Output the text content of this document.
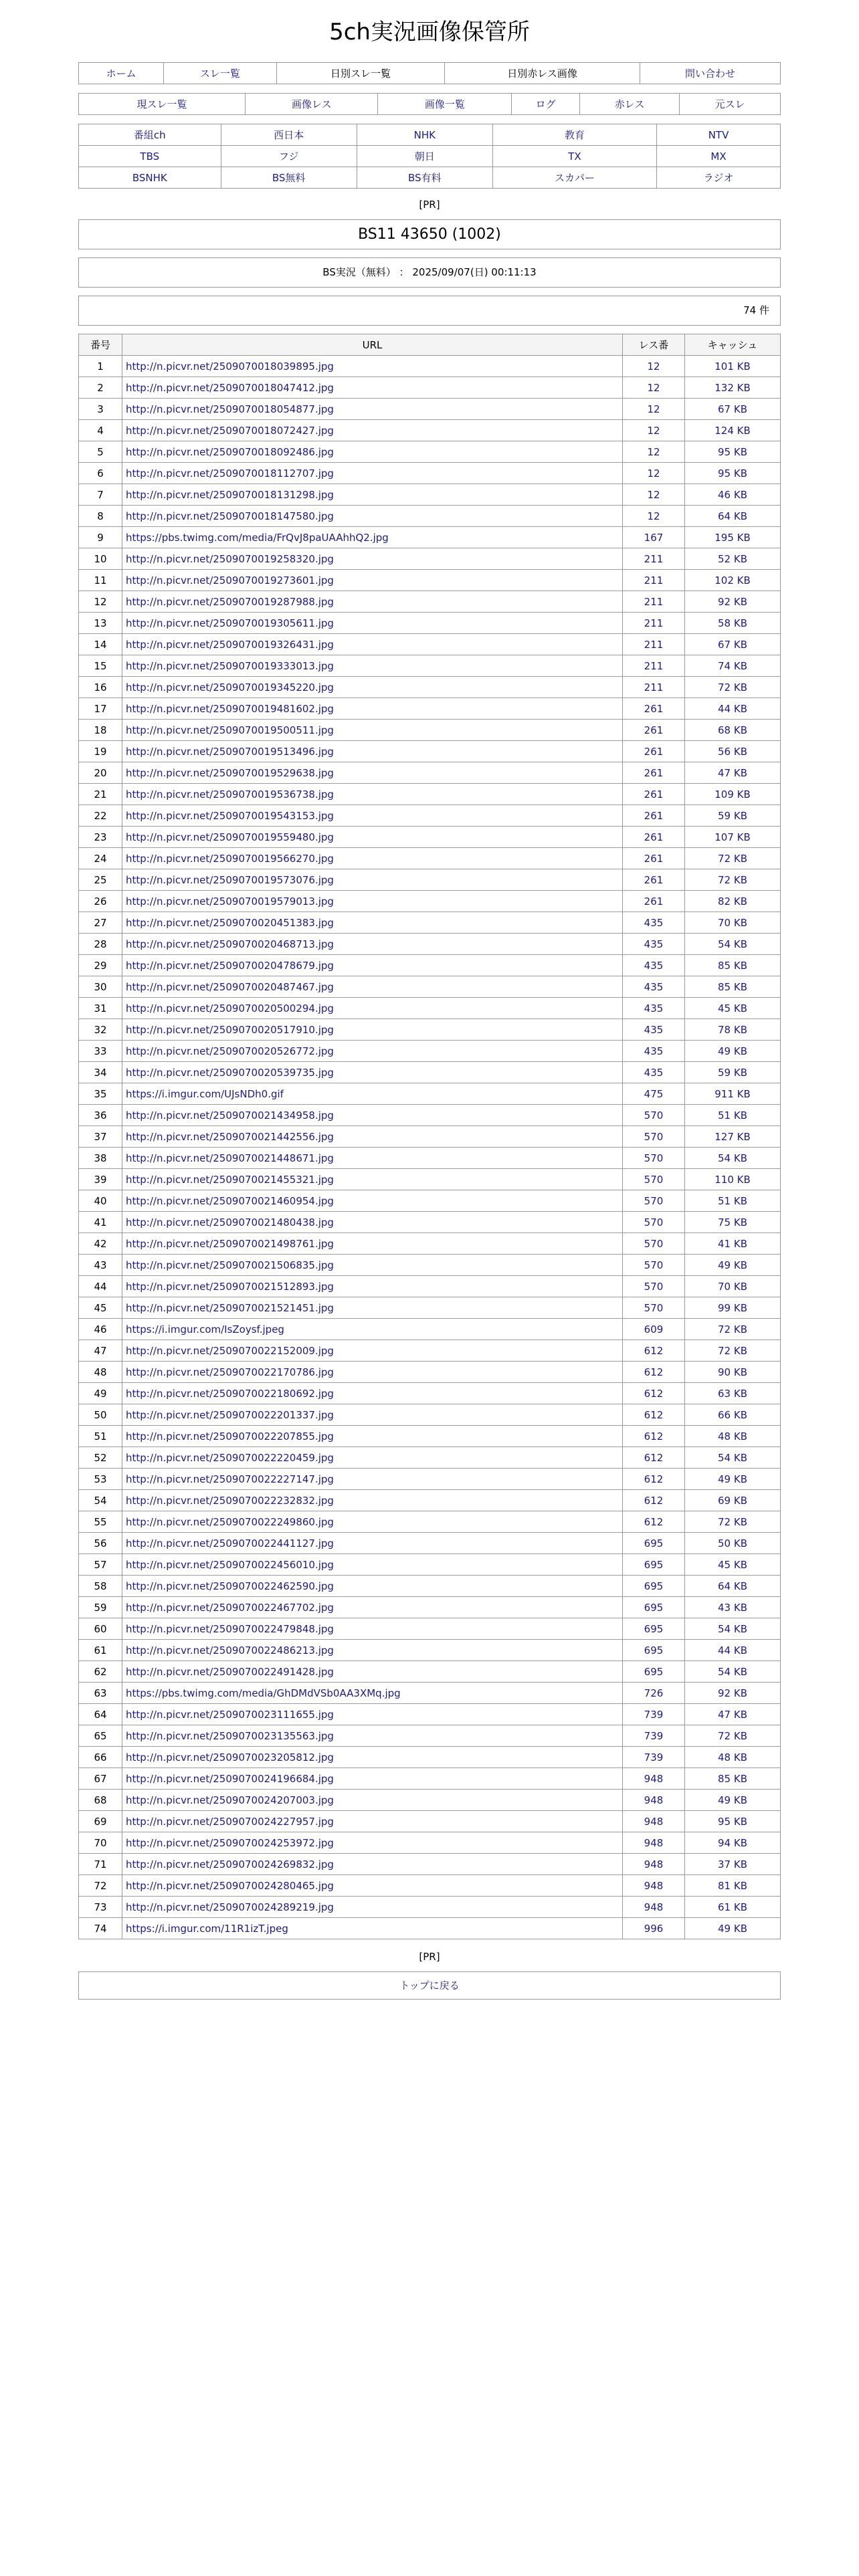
5ch実況画像保管所
ホーム	スレ一覧	日別スレ一覧	日別赤レス画像	問い合わせ
現スレ一覧	画像レス	画像一覧	ログ	赤レス	元スレ
番組ch	西日本	NHK	教育	NTV
TBS	フジ	朝日	TX	MX
BSNHK	BS無料	BS有料	スカパー	ラジオ
[PR]
BS11 43650 (1002)
BS実況（無料） ： 2025/09/07(日) 00:11:13
74 件
番号	URL	レス番	キャッシュ
1	http://n.picvr.net/2509070018039895.jpg	12	101 KB
2	http://n.picvr.net/2509070018047412.jpg	12	132 KB
3	http://n.picvr.net/2509070018054877.jpg	12	67 KB
4	http://n.picvr.net/2509070018072427.jpg	12	124 KB
5	http://n.picvr.net/2509070018092486.jpg	12	95 KB
6	http://n.picvr.net/2509070018112707.jpg	12	95 KB
7	http://n.picvr.net/2509070018131298.jpg	12	46 KB
8	http://n.picvr.net/2509070018147580.jpg	12	64 KB
9	https://pbs.twimg.com/media/FrQvJ8paUAAhhQ2.jpg	167	195 KB
10	http://n.picvr.net/2509070019258320.jpg	211	52 KB
11	http://n.picvr.net/2509070019273601.jpg	211	102 KB
12	http://n.picvr.net/2509070019287988.jpg	211	92 KB
13	http://n.picvr.net/2509070019305611.jpg	211	58 KB
14	http://n.picvr.net/2509070019326431.jpg	211	67 KB
15	http://n.picvr.net/2509070019333013.jpg	211	74 KB
16	http://n.picvr.net/2509070019345220.jpg	211	72 KB
17	http://n.picvr.net/2509070019481602.jpg	261	44 KB
18	http://n.picvr.net/2509070019500511.jpg	261	68 KB
19	http://n.picvr.net/2509070019513496.jpg	261	56 KB
20	http://n.picvr.net/2509070019529638.jpg	261	47 KB
21	http://n.picvr.net/2509070019536738.jpg	261	109 KB
22	http://n.picvr.net/2509070019543153.jpg	261	59 KB
23	http://n.picvr.net/2509070019559480.jpg	261	107 KB
24	http://n.picvr.net/2509070019566270.jpg	261	72 KB
25	http://n.picvr.net/2509070019573076.jpg	261	72 KB
26	http://n.picvr.net/2509070019579013.jpg	261	82 KB
27	http://n.picvr.net/2509070020451383.jpg	435	70 KB
28	http://n.picvr.net/2509070020468713.jpg	435	54 KB
29	http://n.picvr.net/2509070020478679.jpg	435	85 KB
30	http://n.picvr.net/2509070020487467.jpg	435	85 KB
31	http://n.picvr.net/2509070020500294.jpg	435	45 KB
32	http://n.picvr.net/2509070020517910.jpg	435	78 KB
33	http://n.picvr.net/2509070020526772.jpg	435	49 KB
34	http://n.picvr.net/2509070020539735.jpg	435	59 KB
35	https://i.imgur.com/UJsNDh0.gif	475	911 KB
36	http://n.picvr.net/2509070021434958.jpg	570	51 KB
37	http://n.picvr.net/2509070021442556.jpg	570	127 KB
38	http://n.picvr.net/2509070021448671.jpg	570	54 KB
39	http://n.picvr.net/2509070021455321.jpg	570	110 KB
40	http://n.picvr.net/2509070021460954.jpg	570	51 KB
41	http://n.picvr.net/2509070021480438.jpg	570	75 KB
42	http://n.picvr.net/2509070021498761.jpg	570	41 KB
43	http://n.picvr.net/2509070021506835.jpg	570	49 KB
44	http://n.picvr.net/2509070021512893.jpg	570	70 KB
45	http://n.picvr.net/2509070021521451.jpg	570	99 KB
46	https://i.imgur.com/IsZoysf.jpeg	609	72 KB
47	http://n.picvr.net/2509070022152009.jpg	612	72 KB
48	http://n.picvr.net/2509070022170786.jpg	612	90 KB
49	http://n.picvr.net/2509070022180692.jpg	612	63 KB
50	http://n.picvr.net/2509070022201337.jpg	612	66 KB
51	http://n.picvr.net/2509070022207855.jpg	612	48 KB
52	http://n.picvr.net/2509070022220459.jpg	612	54 KB
53	http://n.picvr.net/2509070022227147.jpg	612	49 KB
54	http://n.picvr.net/2509070022232832.jpg	612	69 KB
55	http://n.picvr.net/2509070022249860.jpg	612	72 KB
56	http://n.picvr.net/2509070022441127.jpg	695	50 KB
57	http://n.picvr.net/2509070022456010.jpg	695	45 KB
58	http://n.picvr.net/2509070022462590.jpg	695	64 KB
59	http://n.picvr.net/2509070022467702.jpg	695	43 KB
60	http://n.picvr.net/2509070022479848.jpg	695	54 KB
61	http://n.picvr.net/2509070022486213.jpg	695	44 KB
62	http://n.picvr.net/2509070022491428.jpg	695	54 KB
63	https://pbs.twimg.com/media/GhDMdVSb0AA3XMq.jpg	726	92 KB
64	http://n.picvr.net/2509070023111655.jpg	739	47 KB
65	http://n.picvr.net/2509070023135563.jpg	739	72 KB
66	http://n.picvr.net/2509070023205812.jpg	739	48 KB
67	http://n.picvr.net/2509070024196684.jpg	948	85 KB
68	http://n.picvr.net/2509070024207003.jpg	948	49 KB
69	http://n.picvr.net/2509070024227957.jpg	948	95 KB
70	http://n.picvr.net/2509070024253972.jpg	948	94 KB
71	http://n.picvr.net/2509070024269832.jpg	948	37 KB
72	http://n.picvr.net/2509070024280465.jpg	948	81 KB
73	http://n.picvr.net/2509070024289219.jpg	948	61 KB
74	https://i.imgur.com/11R1izT.jpeg	996	49 KB
[PR]
トップに戻る
